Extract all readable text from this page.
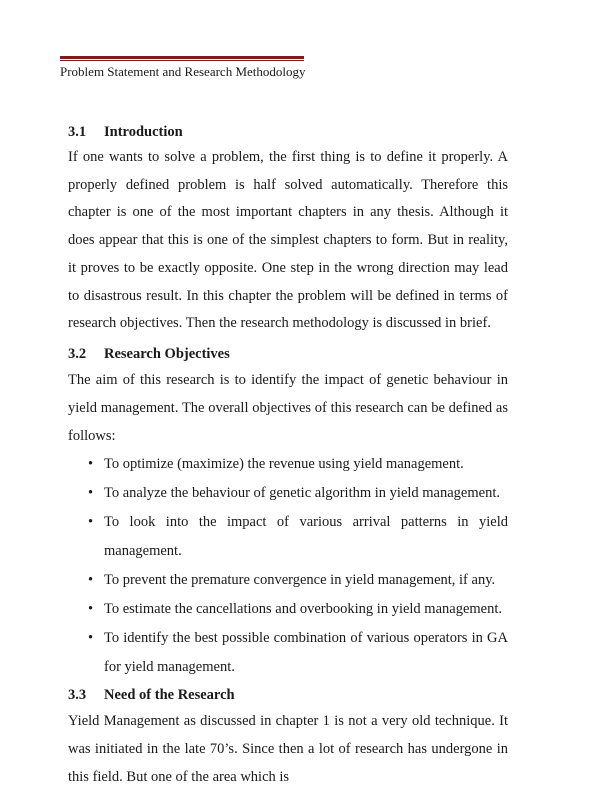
Problem Statement and Research Methodology
3.1 Introduction

If one wants to solve a problem, the first thing is to define it properly. A properly defined problem is half solved automatically. Therefore this chapter is one of the most important chapters in any thesis. Although it does appear that this is one of the simplest chapters to form. But in reality, it proves to be exactly opposite. One step in the wrong direction may lead to disastrous result. In this chapter the problem will be defined in terms of research objectives. Then the research methodology is discussed in brief.

3.2 Research Objectives

The aim of this research is to identify the impact of genetic behaviour in yield management. The overall objectives of this research can be defined as follows:

• To optimize (maximize) the revenue using yield management.
• To analyze the behaviour of genetic algorithm in yield management.
• To look into the impact of various arrival patterns in yield management.
• To prevent the premature convergence in yield management, if any.
• To estimate the cancellations and overbooking in yield management.
• To identify the best possible combination of various operators in GA for yield management.
3.3 Need of the Research

Yield Management as discussed in chapter 1 is not a very old technique. It was initiated in the late 70’s. Since then a lot of research has undergone in this field. But one of the area which is
